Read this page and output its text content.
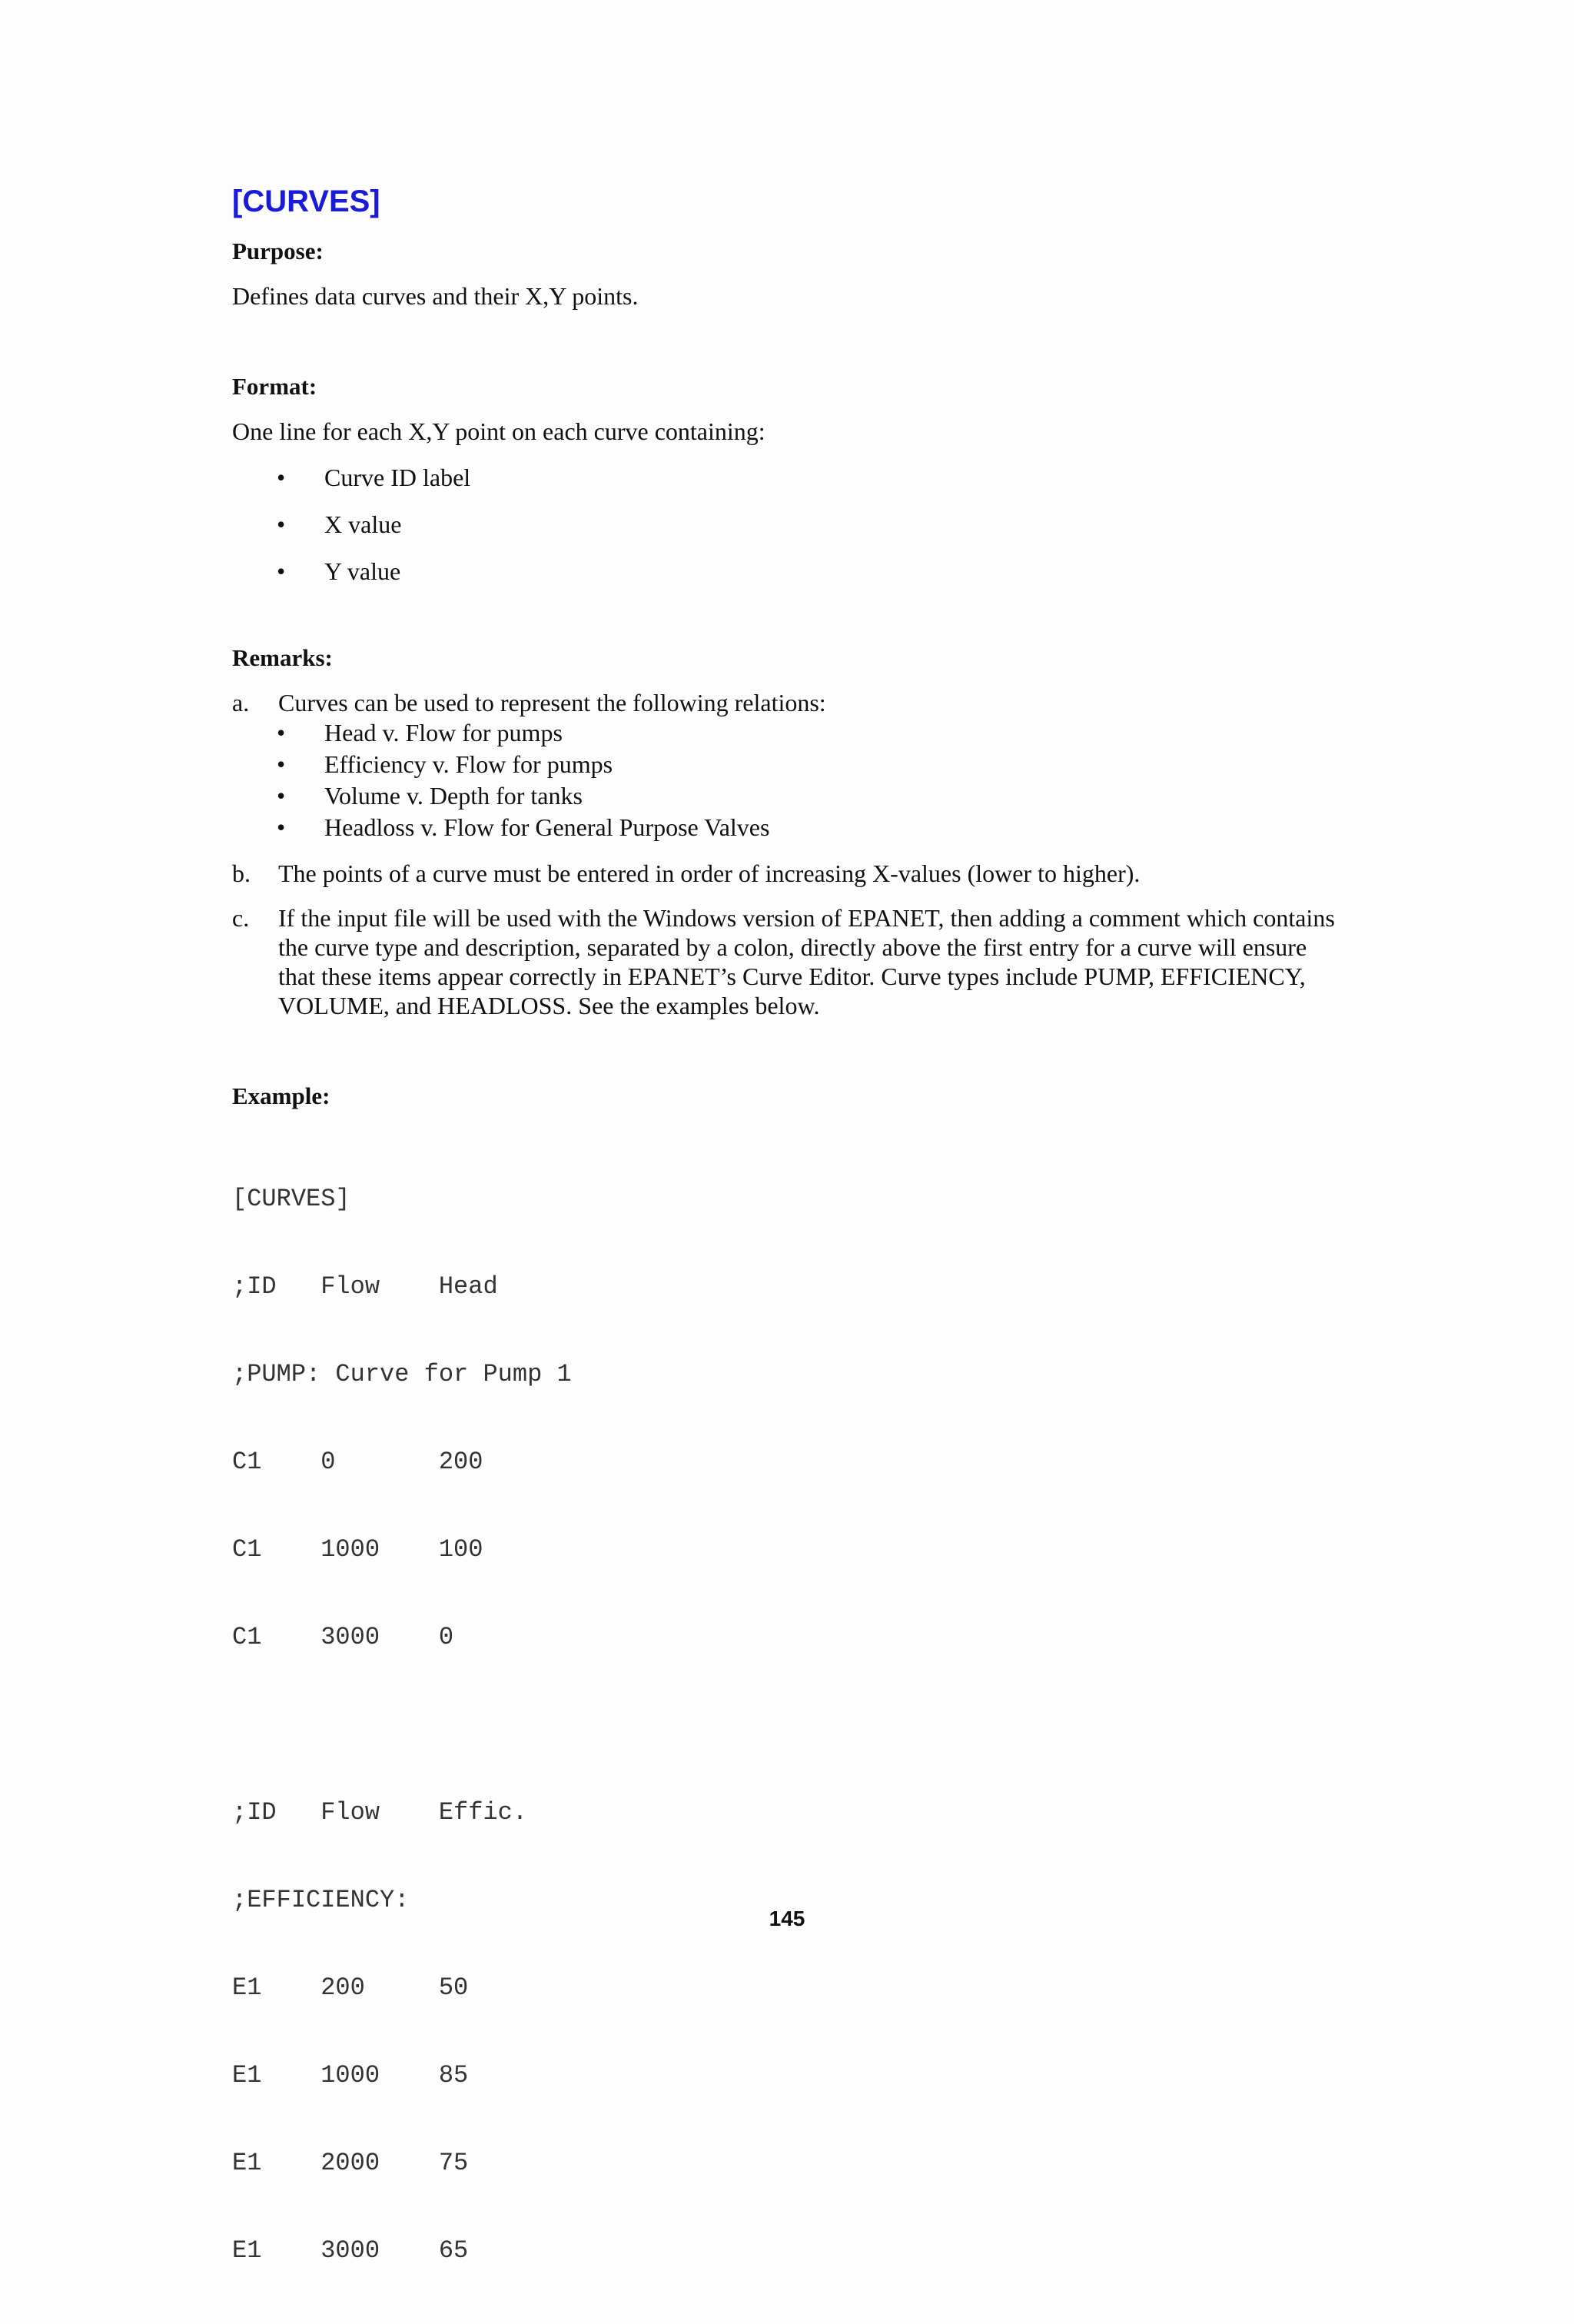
[CURVES]
Purpose:

Defines data curves and their X,Y points.

Format:

One line for each X,Y point on each curve containing:

• Curve ID label
• X value
• Y value
Remarks:
a. Curves can be used to represent the following relations:
• Head v. Flow for pumps
• Efficiency v. Flow for pumps
• Volume v. Depth for tanks
• Headloss v. Flow for General Purpose Valves
b. The points of a curve must be entered in order of increasing X-values (lower to higher).
c. If the input file will be used with the Windows version of EPANET, then adding a comment which contains the curve type and description, separated by a colon, directly above the first entry for a curve will ensure that these items appear correctly in EPANET’s Curve Editor. Curve types include PUMP, EFFICIENCY, VOLUME, and HEADLOSS. See the examples below.
Example:

[CURVES]

;ID   Flow    Head

;PUMP: Curve for Pump 1

C1    0       200

C1    1000    100

C1    3000    0

;ID   Flow    Effic.

;EFFICIENCY:

E1    200     50

E1    1000    85

E1    2000    75

E1    3000    65

145
